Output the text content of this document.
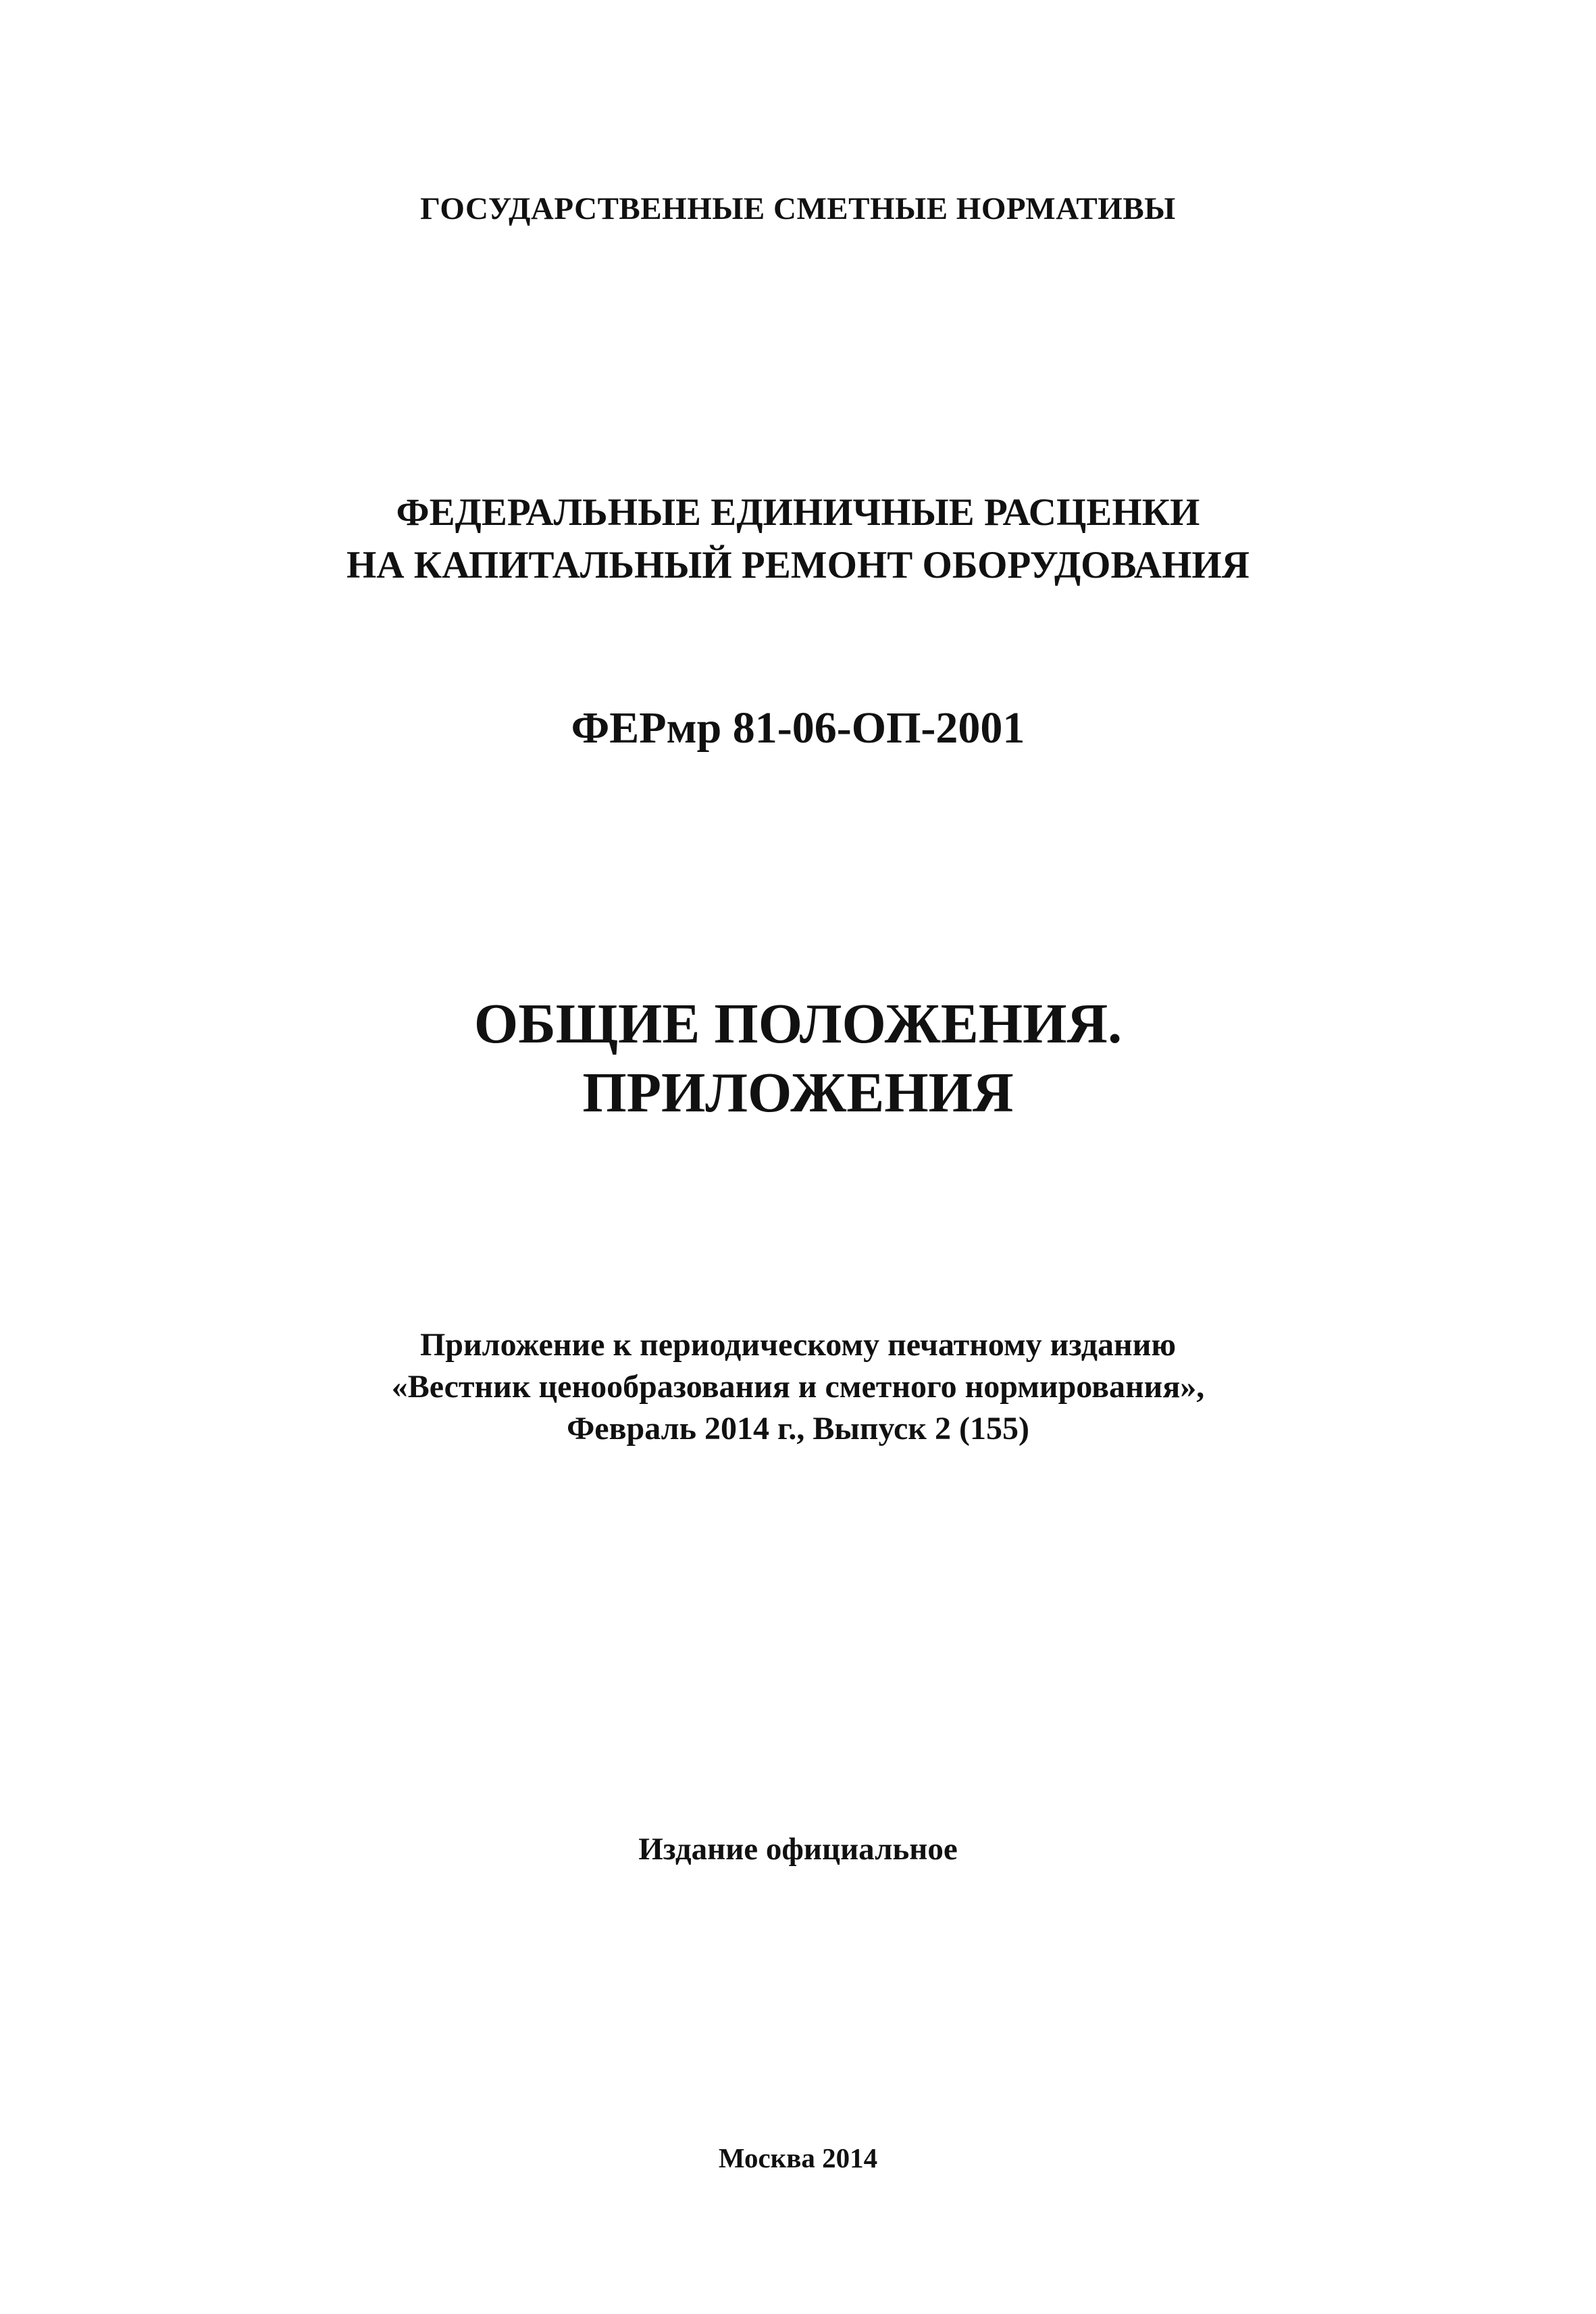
ГОСУДАРСТВЕННЫЕ СМЕТНЫЕ НОРМАТИВЫ
ФЕДЕРАЛЬНЫЕ ЕДИНИЧНЫЕ РАСЦЕНКИ
НА КАПИТАЛЬНЫЙ РЕМОНТ ОБОРУДОВАНИЯ
ФЕРмр 81-06-ОП-2001
ОБЩИЕ ПОЛОЖЕНИЯ.
ПРИЛОЖЕНИЯ
Приложение к периодическому печатному изданию
«Вестник ценообразования и сметного нормирования»,
Февраль 2014 г., Выпуск 2 (155)
Издание официальное
Москва 2014
